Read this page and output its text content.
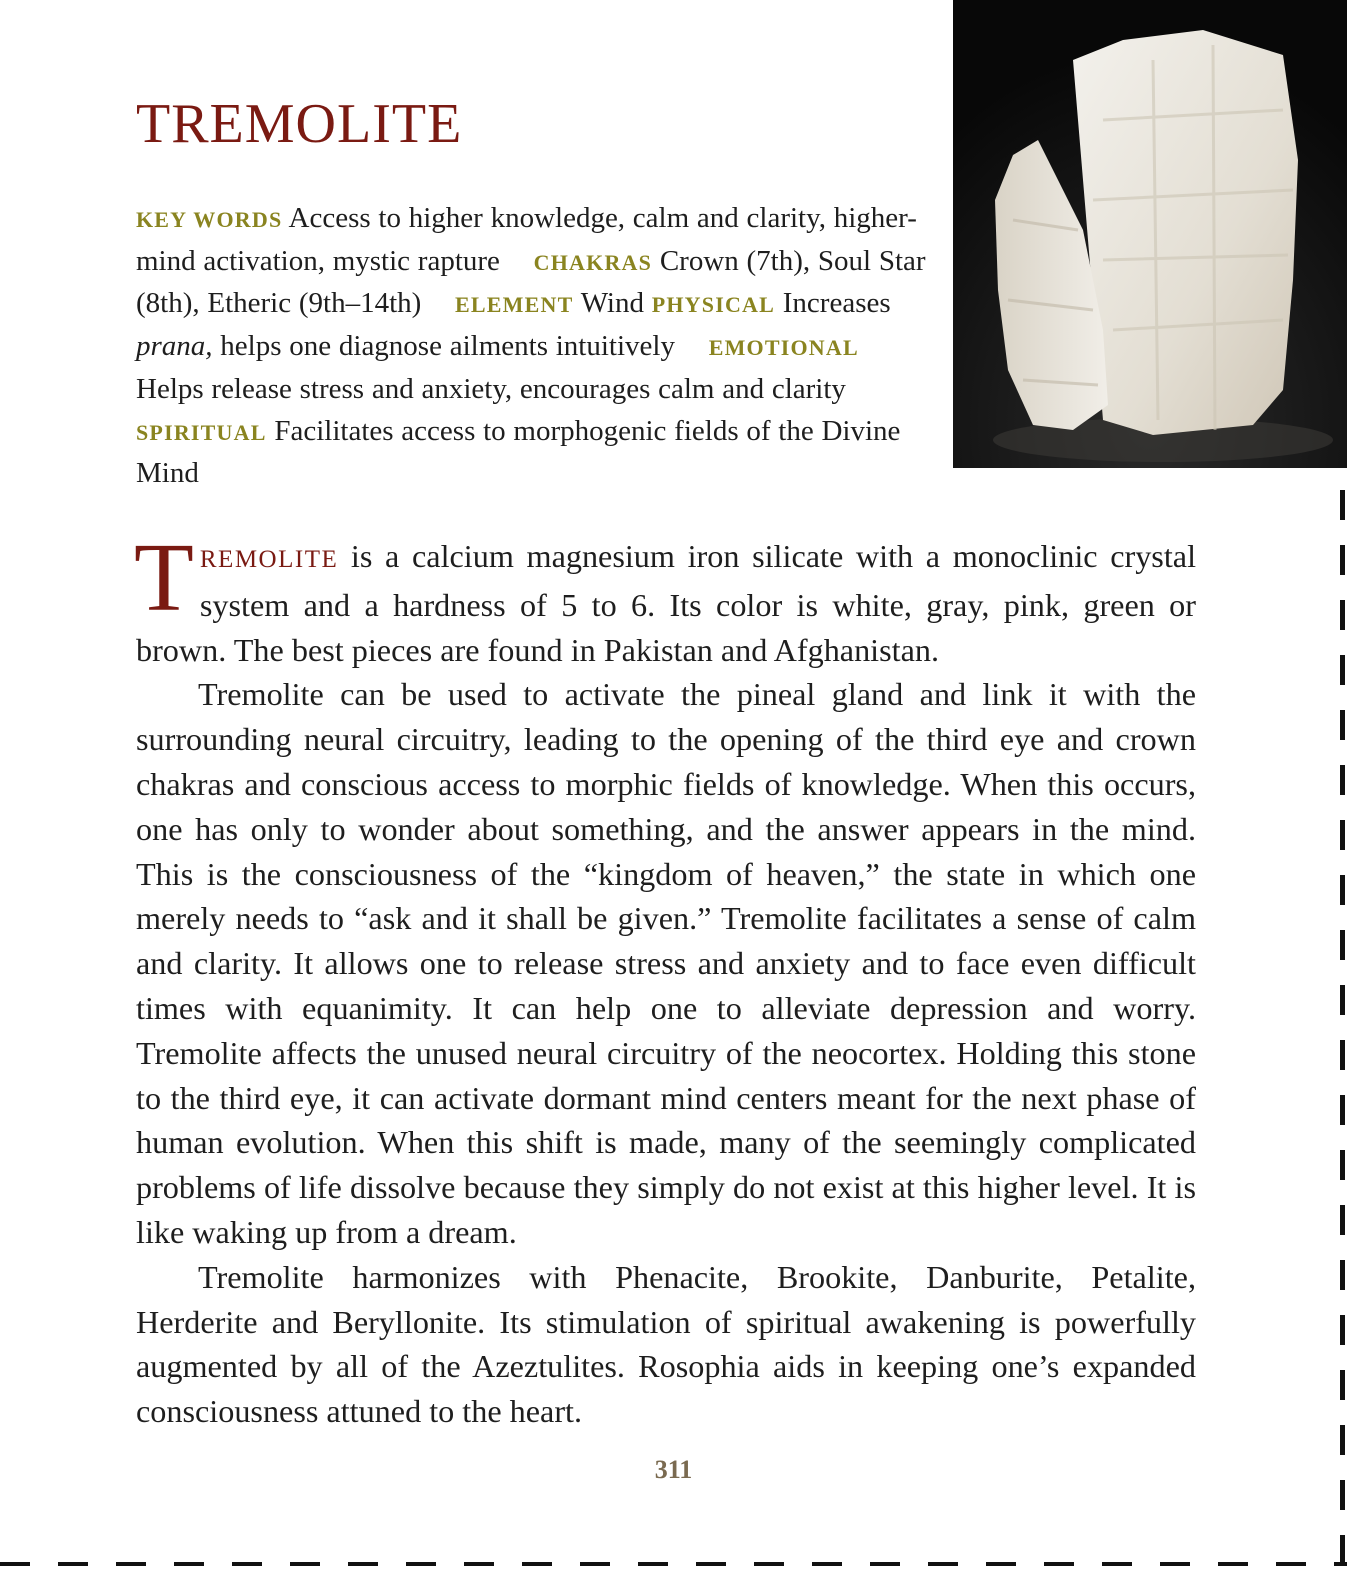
TREMOLITE
KEY WORDS Access to higher knowledge, calm and clarity, higher-mind activation, mystic rapture CHAKRAS Crown (7th), Soul Star (8th), Etheric (9th–14th) ELEMENT Wind PHYSICAL Increases prana, helps one diagnose ailments intuitively EMOTIONAL Helps release stress and anxiety, encourages calm and clarity SPIRITUAL Facilitates access to morphogenic fields of the Divine Mind

TREMOLITE is a calcium magnesium iron silicate with a monoclinic crystal system and a hardness of 5 to 6. Its color is white, gray, pink, green or brown. The best pieces are found in Pakistan and Afghanistan.

Tremolite can be used to activate the pineal gland and link it with the surrounding neural circuitry, leading to the opening of the third eye and crown chakras and conscious access to morphic fields of knowledge. When this occurs, one has only to wonder about something, and the answer appears in the mind. This is the consciousness of the “kingdom of heaven,” the state in which one merely needs to “ask and it shall be given.” Tremolite facilitates a sense of calm and clarity. It allows one to release stress and anxiety and to face even difficult times with equanimity. It can help one to alleviate depression and worry. Tremolite affects the unused neural circuitry of the neocortex. Holding this stone to the third eye, it can activate dormant mind centers meant for the next phase of human evolution. When this shift is made, many of the seemingly complicated problems of life dissolve because they simply do not exist at this higher level. It is like waking up from a dream.

Tremolite harmonizes with Phenacite, Brookite, Danburite, Petalite, Herderite and Beryllonite. Its stimulation of spiritual awakening is powerfully augmented by all of the Azeztulites. Rosophia aids in keeping one’s expanded consciousness attuned to the heart.

311
